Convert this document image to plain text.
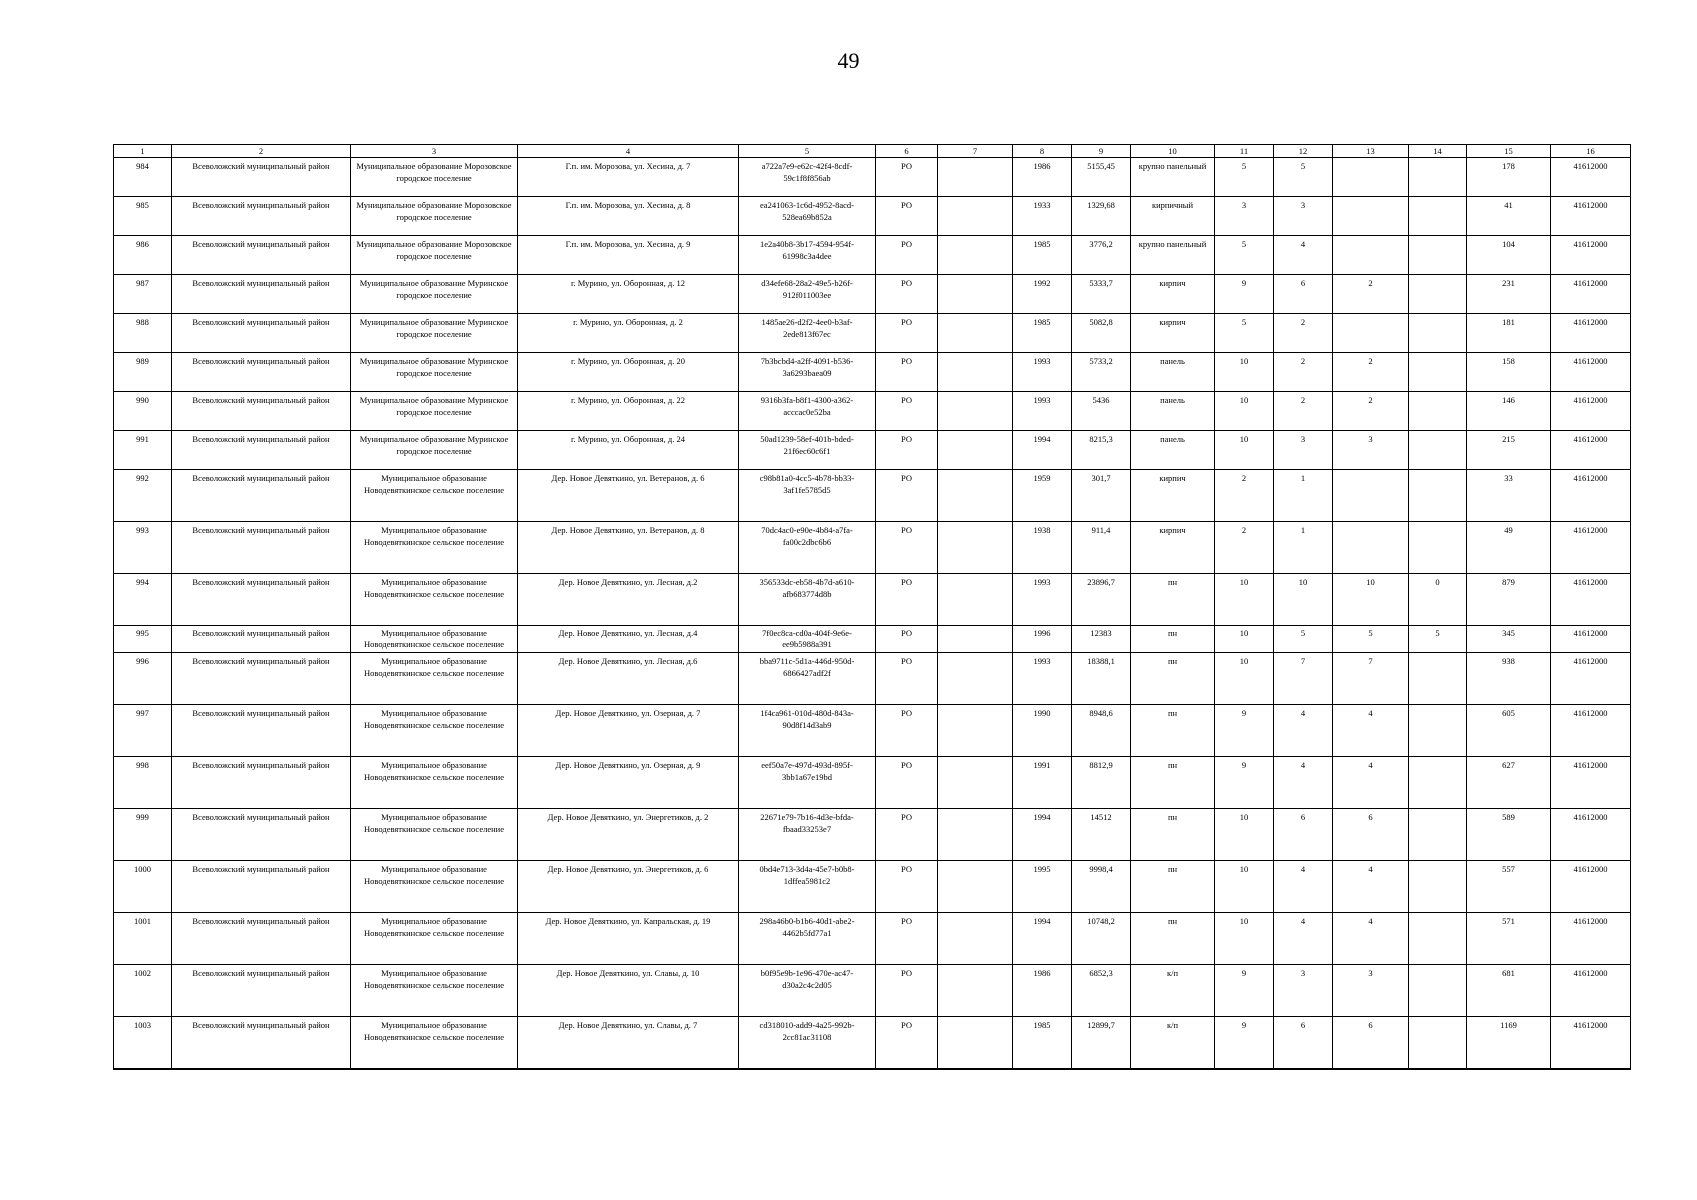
49
1	2	3	4	5	6	7	8	9	10	11	12	13	14	15	16
984	Всеволожский муниципальный район	Муниципальное образование Морозовское городское поселение	Г.п. им. Морозова, ул. Хесина, д. 7	a722a7e9-e62c-42f4-8cdf-59c1f8f856ab	РО		1986	5155,45	крупно панельный	5	5			178	41612000
985	Всеволожский муниципальный район	Муниципальное образование Морозовское городское поселение	Г.п. им. Морозова, ул. Хесина, д. 8	ea241063-1c6d-4952-8acd-528ea69b852a	РО		1933	1329,68	кирпичный	3	3			41	41612000
986	Всеволожский муниципальный район	Муниципальное образование Морозовское городское поселение	Г.п. им. Морозова, ул. Хесина, д. 9	1e2a40b8-3b17-4594-954f-61998c3a4dee	РО		1985	3776,2	крупно панельный	5	4			104	41612000
987	Всеволожский муниципальный район	Муниципальное образование Муринское городское поселение	г. Мурино, ул. Оборонная, д. 12	d34efe68-28a2-49e5-b26f-912f011003ee	РО		1992	5333,7	кирпич	9	6	2		231	41612000
988	Всеволожский муниципальный район	Муниципальное образование Муринское городское поселение	г. Мурино, ул. Оборонная, д. 2	1485ae26-d2f2-4ee0-b3af-2ede813f67ec	РО		1985	5082,8	кирпич	5	2			181	41612000
989	Всеволожский муниципальный район	Муниципальное образование Муринское городское поселение	г. Мурино, ул. Оборонная, д. 20	7b3bcbd4-a2ff-4091-b536-3a6293baea09	РО		1993	5733,2	панель	10	2	2		158	41612000
990	Всеволожский муниципальный район	Муниципальное образование Муринское городское поселение	г. Мурино, ул. Оборонная, д. 22	9316b3fa-b8f1-4300-a362-acccac0e52ba	РО		1993	5436	панель	10	2	2		146	41612000
991	Всеволожский муниципальный район	Муниципальное образование Муринское городское поселение	г. Мурино, ул. Оборонная, д. 24	50ad1239-58ef-401b-bded-21f6ec60c6f1	РО		1994	8215,3	панель	10	3	3		215	41612000
992	Всеволожский муниципальный район	Муниципальное образование Новодевяткинское сельское поселение	Дер. Новое Девяткино, ул. Ветеранов, д. 6	c98b81a0-4cc5-4b78-bb33-3af1fe5785d5	РО		1959	301,7	кирпич	2	1			33	41612000
993	Всеволожский муниципальный район	Муниципальное образование Новодевяткинское сельское поселение	Дер. Новое Девяткино, ул. Ветеранов, д. 8	70dc4ac0-e90e-4b84-a7fa-fa00c2dbc6b6	РО		1938	911,4	кирпич	2	1			49	41612000
994	Всеволожский муниципальный район	Муниципальное образование Новодевяткинское сельское поселение	Дер. Новое Девяткино, ул. Лесная, д.2	356533dc-eb58-4b7d-a610-afb683774d8b	РО		1993	23896,7	пн	10	10	10	0	879	41612000
995	Всеволожский муниципальный район	Муниципальное образование Новодевяткинское сельское поселение	Дер. Новое Девяткино, ул. Лесная, д.4	7f0ec8ca-cd0a-404f-9e6e-ee9b5988a391	РО		1996	12383	пн	10	5	5	5	345	41612000
996	Всеволожский муниципальный район	Муниципальное образование Новодевяткинское сельское поселение	Дер. Новое Девяткино, ул. Лесная, д.6	bba9711c-5d1a-446d-950d-6866427adf2f	РО		1993	18388,1	пн	10	7	7		938	41612000
997	Всеволожский муниципальный район	Муниципальное образование Новодевяткинское сельское поселение	Дер. Новое Девяткино, ул. Озерная, д. 7	1f4ca961-010d-480d-843a-90d8f14d3ab9	РО		1990	8948,6	пн	9	4	4		605	41612000
998	Всеволожский муниципальный район	Муниципальное образование Новодевяткинское сельское поселение	Дер. Новое Девяткино, ул. Озерная, д. 9	eef50a7e-497d-493d-895f-3bb1a67e19bd	РО		1991	8812,9	пн	9	4	4		627	41612000
999	Всеволожский муниципальный район	Муниципальное образование Новодевяткинское сельское поселение	Дер. Новое Девяткино, ул. Энергетиков, д. 2	22671e79-7b16-4d3e-bfda-fbaad33253e7	РО		1994	14512	пн	10	6	6		589	41612000
1000	Всеволожский муниципальный район	Муниципальное образование Новодевяткинское сельское поселение	Дер. Новое Девяткино, ул. Энергетиков, д. 6	0bd4e713-3d4a-45e7-b0b8-1dffea5981c2	РО		1995	9998,4	пн	10	4	4		557	41612000
1001	Всеволожский муниципальный район	Муниципальное образование Новодевяткинское сельское поселение	Дер. Новое Девяткино, ул. Капральская, д. 19	298a46b0-b1b6-40d1-abe2-4462b5fd77a1	РО		1994	10748,2	пн	10	4	4		571	41612000
1002	Всеволожский муниципальный район	Муниципальное образование Новодевяткинское сельское поселение	Дер. Новое Девяткино, ул. Славы, д. 10	b0f95e9b-1e96-470e-ac47-d30a2c4c2d05	РО		1986	6852,3	к/п	9	3	3		681	41612000
1003	Всеволожский муниципальный район	Муниципальное образование Новодевяткинское сельское поселение	Дер. Новое Девяткино, ул. Славы, д. 7	cd318010-add9-4a25-992b-2cc81ac31108	РО		1985	12899,7	к/п	9	6	6		1169	41612000
